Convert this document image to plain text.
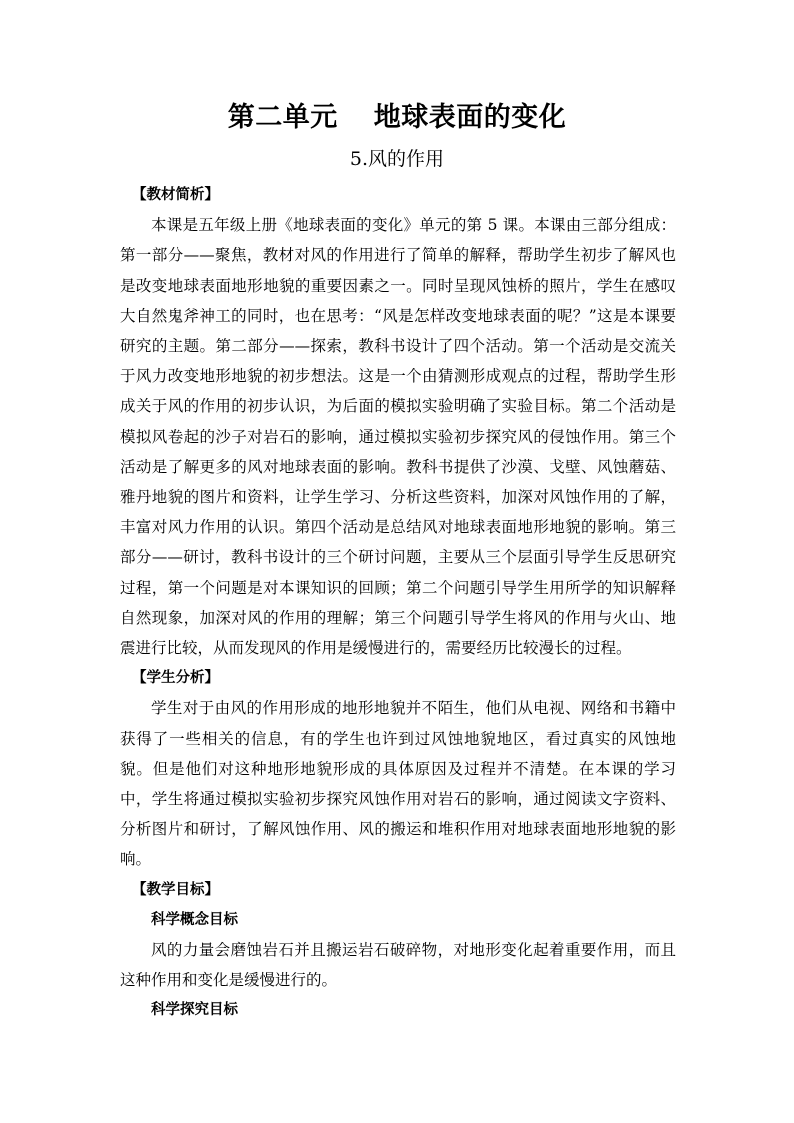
第二单元 地球表面的变化
5.风的作用
【教材简析】

本课是五年级上册《地球表面的变化》单元的第 5 课。本课由三部分组成：第一部分——聚焦，教材对风的作用进行了简单的解释，帮助学生初步了解风也是改变地球表面地形地貌的重要因素之一。同时呈现风蚀桥的照片，学生在感叹大自然鬼斧神工的同时，也在思考：“风是怎样改变地球表面的呢？”这是本课要研究的主题。第二部分——探索，教科书设计了四个活动。第一个活动是交流关于风力改变地形地貌的初步想法。这是一个由猜测形成观点的过程，帮助学生形成关于风的作用的初步认识，为后面的模拟实验明确了实验目标。第二个活动是模拟风卷起的沙子对岩石的影响，通过模拟实验初步探究风的侵蚀作用。第三个活动是了解更多的风对地球表面的影响。教科书提供了沙漠、戈壁、风蚀蘑菇、雅丹地貌的图片和资料，让学生学习、分析这些资料，加深对风蚀作用的了解，丰富对风力作用的认识。第四个活动是总结风对地球表面地形地貌的影响。第三部分——研讨，教科书设计的三个研讨问题，主要从三个层面引导学生反思研究过程，第一个问题是对本课知识的回顾；第二个问题引导学生用所学的知识解释自然现象，加深对风的作用的理解；第三个问题引导学生将风的作用与火山、地震进行比较，从而发现风的作用是缓慢进行的，需要经历比较漫长的过程。

【学生分析】

学生对于由风的作用形成的地形地貌并不陌生，他们从电视、网络和书籍中获得了一些相关的信息，有的学生也许到过风蚀地貌地区，看过真实的风蚀地貌。但是他们对这种地形地貌形成的具体原因及过程并不清楚。在本课的学习中，学生将通过模拟实验初步探究风蚀作用对岩石的影响，通过阅读文字资料、分析图片和研讨，了解风蚀作用、风的搬运和堆积作用对地球表面地形地貌的影响。

【教学目标】
科学概念目标

风的力量会磨蚀岩石并且搬运岩石破碎物，对地形变化起着重要作用，而且这种作用和变化是缓慢进行的。

科学探究目标
